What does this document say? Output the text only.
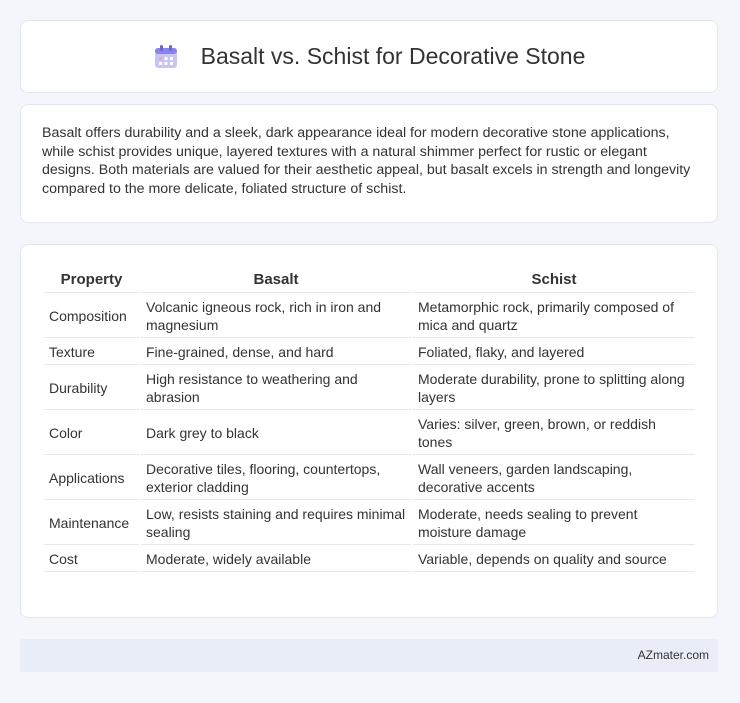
Basalt vs. Schist for Decorative Stone

Basalt offers durability and a sleek, dark appearance ideal for modern decorative stone applications, while schist provides unique, layered textures with a natural shimmer perfect for rustic or elegant designs. Both materials are valued for their aesthetic appeal, but basalt excels in strength and longevity compared to the more delicate, foliated structure of schist.

Property	Basalt	Schist
Composition	Volcanic igneous rock, rich in iron and magnesium	Metamorphic rock, primarily composed of mica and quartz
Texture	Fine-grained, dense, and hard	Foliated, flaky, and layered
Durability	High resistance to weathering and abrasion	Moderate durability, prone to splitting along layers
Color	Dark grey to black	Varies: silver, green, brown, or reddish tones
Applications	Decorative tiles, flooring, countertops, exterior cladding	Wall veneers, garden landscaping, decorative accents
Maintenance	Low, resists staining and requires minimal sealing	Moderate, needs sealing to prevent moisture damage
Cost	Moderate, widely available	Variable, depends on quality and source
AZmater.com
